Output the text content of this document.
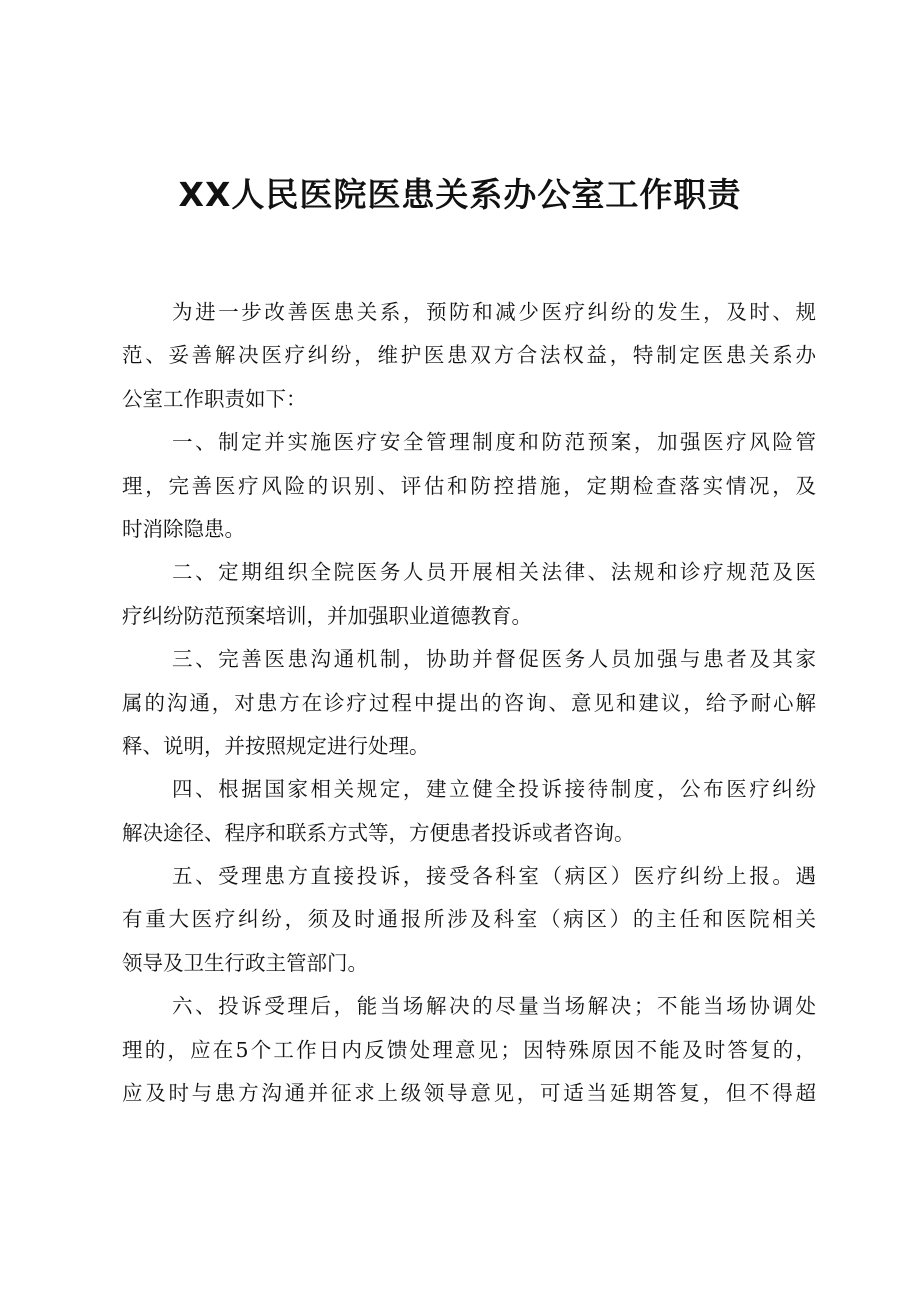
XX人民医院医患关系办公室工作职责
为进一步改善医患关系，预防和减少医疗纠纷的发生，及时、规
范、妥善解决医疗纠纷，维护医患双方合法权益，特制定医患关系办
公室工作职责如下：
一、制定并实施医疗安全管理制度和防范预案，加强医疗风险管
理，完善医疗风险的识别、评估和防控措施，定期检查落实情况，及
时消除隐患。
二、定期组织全院医务人员开展相关法律、法规和诊疗规范及医
疗纠纷防范预案培训，并加强职业道德教育。
三、完善医患沟通机制，协助并督促医务人员加强与患者及其家
属的沟通，对患方在诊疗过程中提出的咨询、意见和建议，给予耐心解
释、说明，并按照规定进行处理。
四、根据国家相关规定，建立健全投诉接待制度，公布医疗纠纷
解决途径、程序和联系方式等，方便患者投诉或者咨询。
五、受理患方直接投诉，接受各科室（病区）医疗纠纷上报。遇
有重大医疗纠纷，须及时通报所涉及科室（病区）的主任和医院相关
领导及卫生行政主管部门。
六、投诉受理后，能当场解决的尽量当场解决；不能当场协调处
理的，应在5个工作日内反馈处理意见；因特殊原因不能及时答复的，
应及时与患方沟通并征求上级领导意见，可适当延期答复，但不得超
